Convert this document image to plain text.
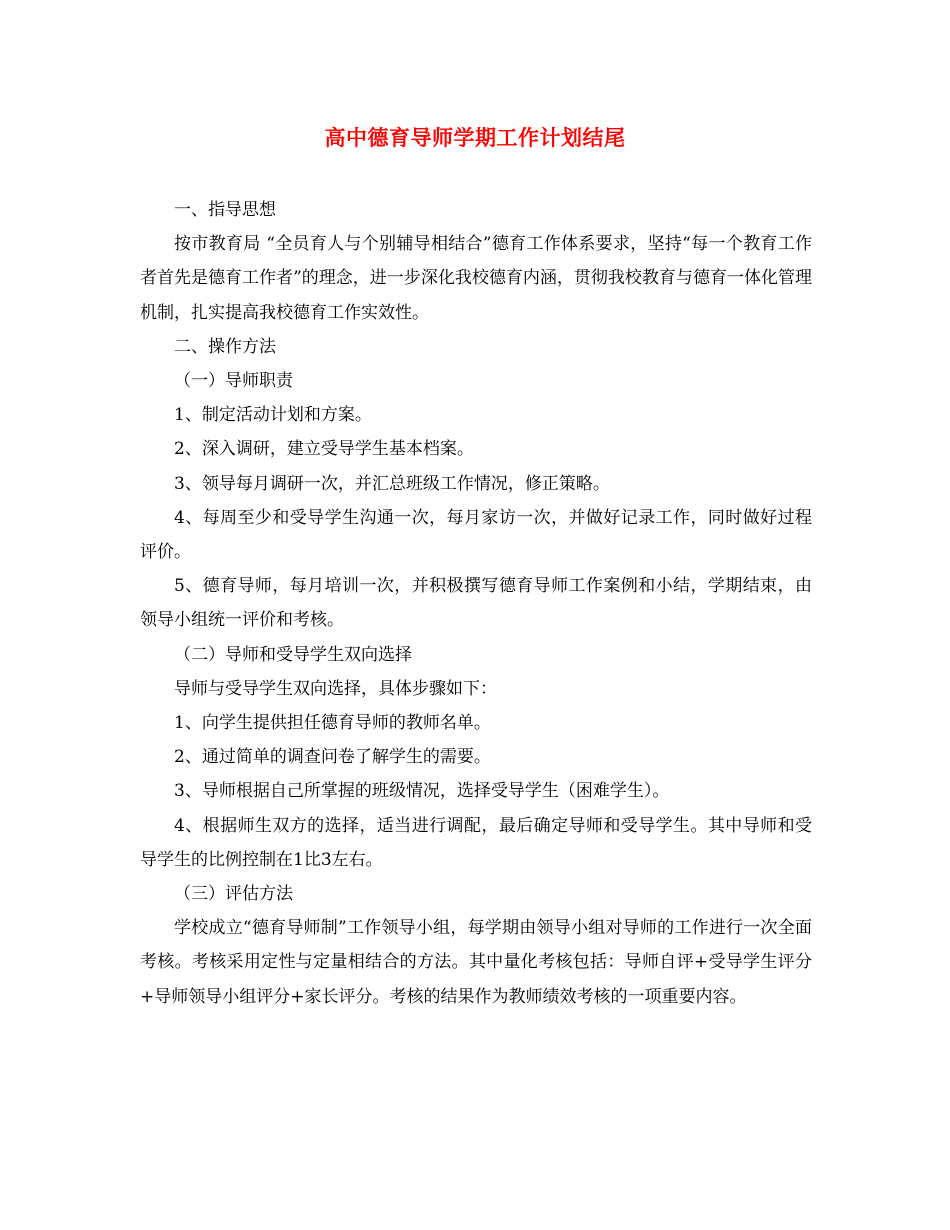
高中德育导师学期工作计划结尾

一、指导思想

按市教育局 “全员育人与个别辅导相结合”德育工作体系要求，坚持“每一个教育工作者首先是德育工作者”的理念，进一步深化我校德育内涵，贯彻我校教育与德育一体化管理机制，扎实提高我校德育工作实效性。

二、操作方法

（一）导师职责

1、制定活动计划和方案。

2、深入调研，建立受导学生基本档案。

3、领导每月调研一次，并汇总班级工作情况，修正策略。

4、每周至少和受导学生沟通一次，每月家访一次，并做好记录工作，同时做好过程评价。

5、德育导师，每月培训一次，并积极撰写德育导师工作案例和小结，学期结束，由领导小组统一评价和考核。

（二）导师和受导学生双向选择

导师与受导学生双向选择，具体步骤如下：

1、向学生提供担任德育导师的教师名单。

2、通过简单的调查问卷了解学生的需要。

3、导师根据自己所掌握的班级情况，选择受导学生（困难学生）。

4、根据师生双方的选择，适当进行调配，最后确定导师和受导学生。其中导师和受导学生的比例控制在1比3左右。

（三）评估方法

学校成立“德育导师制”工作领导小组，每学期由领导小组对导师的工作进行一次全面考核。考核采用定性与定量相结合的方法。其中量化考核包括：导师自评+受导学生评分+导师领导小组评分+家长评分。考核的结果作为教师绩效考核的一项重要内容。
